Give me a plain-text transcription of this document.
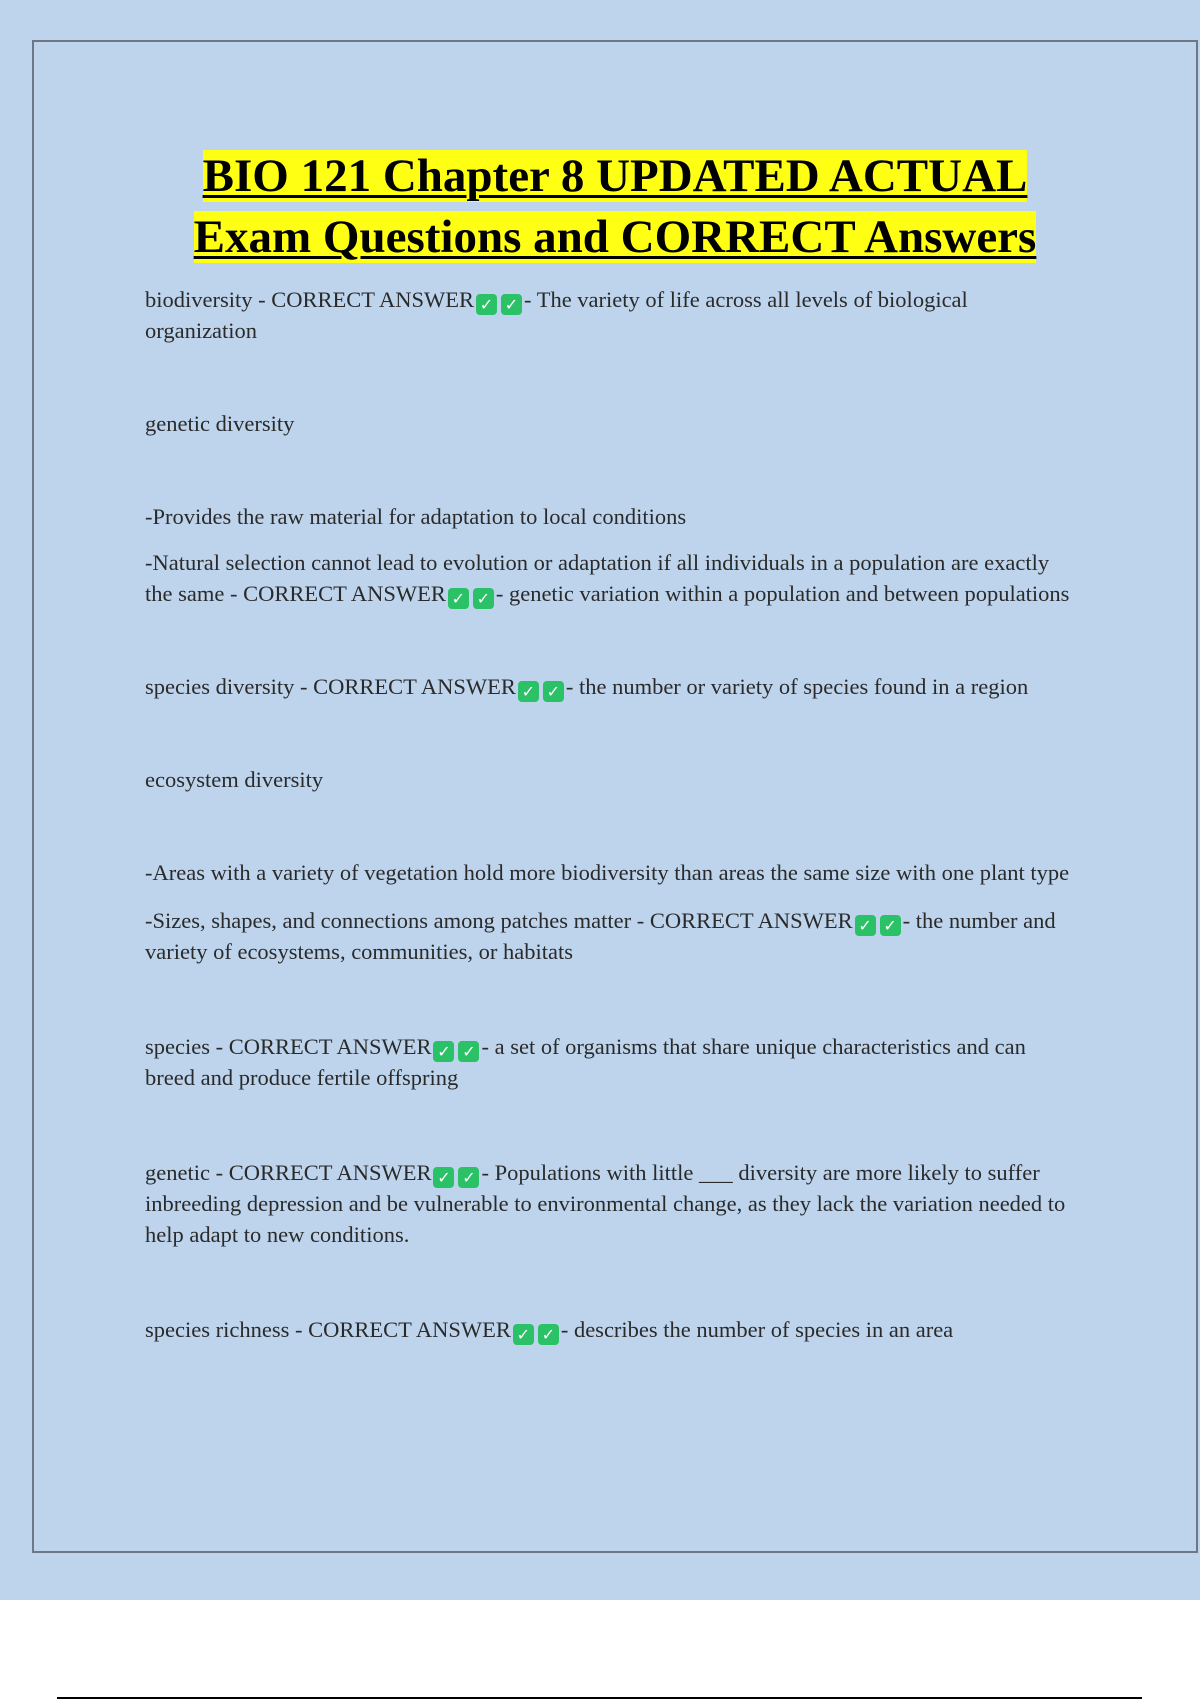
BIO 121 Chapter 8 UPDATED ACTUAL
Exam Questions and CORRECT Answers

biodiversity - CORRECT ANSWER ✓ ✓ - The variety of life across all levels of biological organization

genetic diversity

-Provides the raw material for adaptation to local conditions

-Natural selection cannot lead to evolution or adaptation if all individuals in a population are exactly the same - CORRECT ANSWER ✓ ✓ - genetic variation within a population and between populations

species diversity - CORRECT ANSWER ✓ ✓ - the number or variety of species found in a region

ecosystem diversity

-Areas with a variety of vegetation hold more biodiversity than areas the same size with one plant type

-Sizes, shapes, and connections among patches matter - CORRECT ANSWER ✓ ✓ - the number and variety of ecosystems, communities, or habitats

species - CORRECT ANSWER ✓ ✓ - a set of organisms that share unique characteristics and can breed and produce fertile offspring

genetic - CORRECT ANSWER ✓ ✓ - Populations with little ___ diversity are more likely to suffer inbreeding depression and be vulnerable to environmental change, as they lack the variation needed to help adapt to new conditions.

species richness - CORRECT ANSWER ✓ ✓ - describes the number of species in an area
